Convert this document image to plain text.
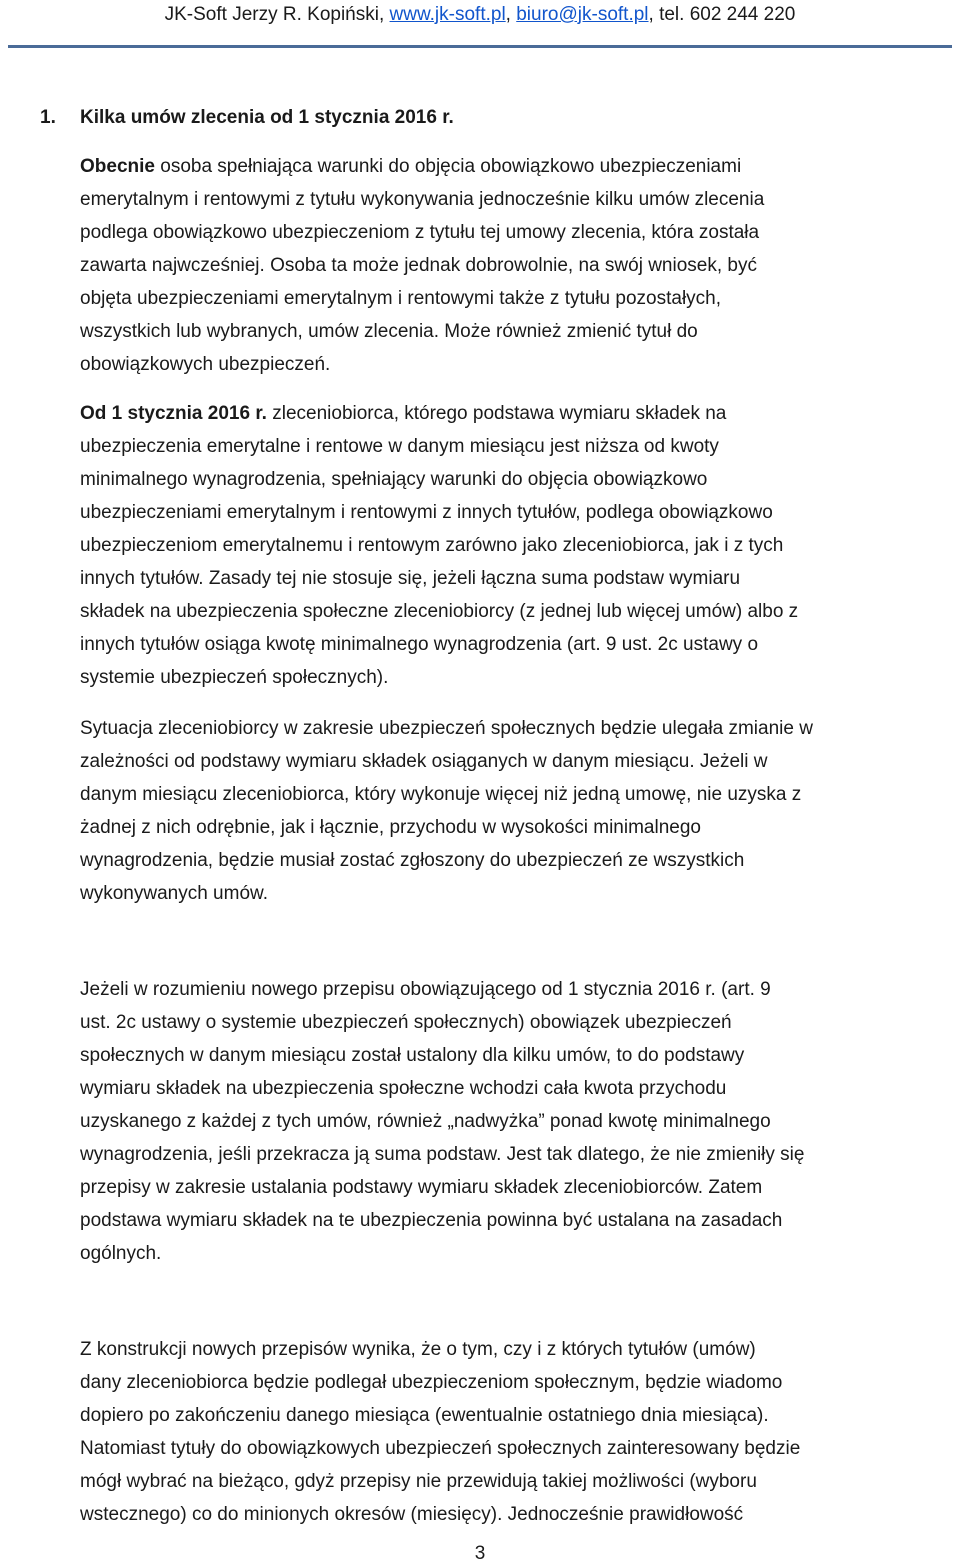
JK-Soft Jerzy R. Kopiński, www.jk-soft.pl, biuro@jk-soft.pl, tel. 602 244 220
1. Kilka umów zlecenia od 1 stycznia 2016 r.

Obecnie osoba spełniająca warunki do objęcia obowiązkowo ubezpieczeniami
emerytalnym i rentowymi z tytułu wykonywania jednocześnie kilku umów zlecenia
podlega obowiązkowo ubezpieczeniom z tytułu tej umowy zlecenia, która została
zawarta najwcześniej. Osoba ta może jednak dobrowolnie, na swój wniosek, być
objęta ubezpieczeniami emerytalnym i rentowymi także z tytułu pozostałych,
wszystkich lub wybranych, umów zlecenia. Może również zmienić tytuł do
obowiązkowych ubezpieczeń.

Od 1 stycznia 2016 r. zleceniobiorca, którego podstawa wymiaru składek na
ubezpieczenia emerytalne i rentowe w danym miesiącu jest niższa od kwoty
minimalnego wynagrodzenia, spełniający warunki do objęcia obowiązkowo
ubezpieczeniami emerytalnym i rentowymi z innych tytułów, podlega obowiązkowo
ubezpieczeniom emerytalnemu i rentowym zarówno jako zleceniobiorca, jak i z tych
innych tytułów. Zasady tej nie stosuje się, jeżeli łączna suma podstaw wymiaru
składek na ubezpieczenia społeczne zleceniobiorcy (z jednej lub więcej umów) albo z
innych tytułów osiąga kwotę minimalnego wynagrodzenia (art. 9 ust. 2c ustawy o
systemie ubezpieczeń społecznych).

Sytuacja zleceniobiorcy w zakresie ubezpieczeń społecznych będzie ulegała zmianie w
zależności od podstawy wymiaru składek osiąganych w danym miesiącu. Jeżeli w
danym miesiącu zleceniobiorca, który wykonuje więcej niż jedną umowę, nie uzyska z
żadnej z nich odrębnie, jak i łącznie, przychodu w wysokości minimalnego
wynagrodzenia, będzie musiał zostać zgłoszony do ubezpieczeń ze wszystkich
wykonywanych umów.

Jeżeli w rozumieniu nowego przepisu obowiązującego od 1 stycznia 2016 r. (art. 9
ust. 2c ustawy o systemie ubezpieczeń społecznych) obowiązek ubezpieczeń
społecznych w danym miesiącu został ustalony dla kilku umów, to do podstawy
wymiaru składek na ubezpieczenia społeczne wchodzi cała kwota przychodu
uzyskanego z każdej z tych umów, również „nadwyżka” ponad kwotę minimalnego
wynagrodzenia, jeśli przekracza ją suma podstaw. Jest tak dlatego, że nie zmieniły się
przepisy w zakresie ustalania podstawy wymiaru składek zleceniobiorców. Zatem
podstawa wymiaru składek na te ubezpieczenia powinna być ustalana na zasadach
ogólnych.

Z konstrukcji nowych przepisów wynika, że o tym, czy i z których tytułów (umów)
dany zleceniobiorca będzie podlegał ubezpieczeniom społecznym, będzie wiadomo
dopiero po zakończeniu danego miesiąca (ewentualnie ostatniego dnia miesiąca).
Natomiast tytuły do obowiązkowych ubezpieczeń społecznych zainteresowany będzie
mógł wybrać na bieżąco, gdyż przepisy nie przewidują takiej możliwości (wyboru
wstecznego) co do minionych okresów (miesięcy). Jednocześnie prawidłowość

3
